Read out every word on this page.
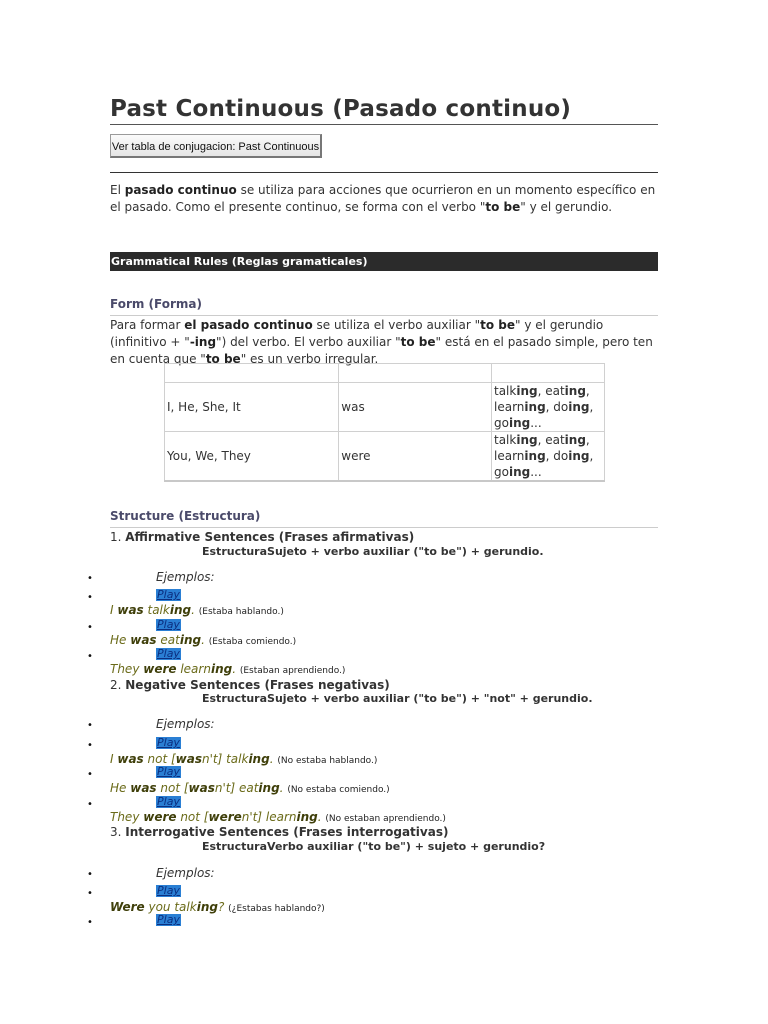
Past Continuous (Pasado continuo)
Ver tabla de conjugacion: Past Continuous
El pasado continuo se utiliza para acciones que ocurrieron en un momento específico en el pasado. Como el presente continuo, se forma con el verbo "to be" y el gerundio.
Grammatical Rules (Reglas gramaticales)
Form (Forma)
Para formar el pasado continuo se utiliza el verbo auxiliar "to be" y el gerundio (infinitivo + "-ing") del verbo. El verbo auxiliar "to be" está en el pasado simple, pero ten en cuenta que "to be" es un verbo irregular.

I, He, She, It	was	talking, eating,
learning, doing,
going...
You, We, They	were	talking, eating,
learning, doing,
going...
Structure (Estructura)
1. Affirmative Sentences (Frases afirmativas)
EstructuraSujeto + verbo auxiliar ("to be") + gerundio.
•	Ejemplos:
•	Play
I was talking. (Estaba hablando.)
•	Play
He was eating. (Estaba comiendo.)
•	Play
They were learning. (Estaban aprendiendo.)
2. Negative Sentences (Frases negativas)
EstructuraSujeto + verbo auxiliar ("to be") + "not" + gerundio.
•	Ejemplos:
•	Play
I was not [wasn't] talking. (No estaba hablando.)
•	Play
He was not [wasn't] eating. (No estaba comiendo.)
•	Play
They were not [weren't] learning. (No estaban aprendiendo.)
3. Interrogative Sentences (Frases interrogativas)
EstructuraVerbo auxiliar ("to be") + sujeto + gerundio?
•	Ejemplos:
•	Play
Were you talking? (¿Estabas hablando?)
•	Play
